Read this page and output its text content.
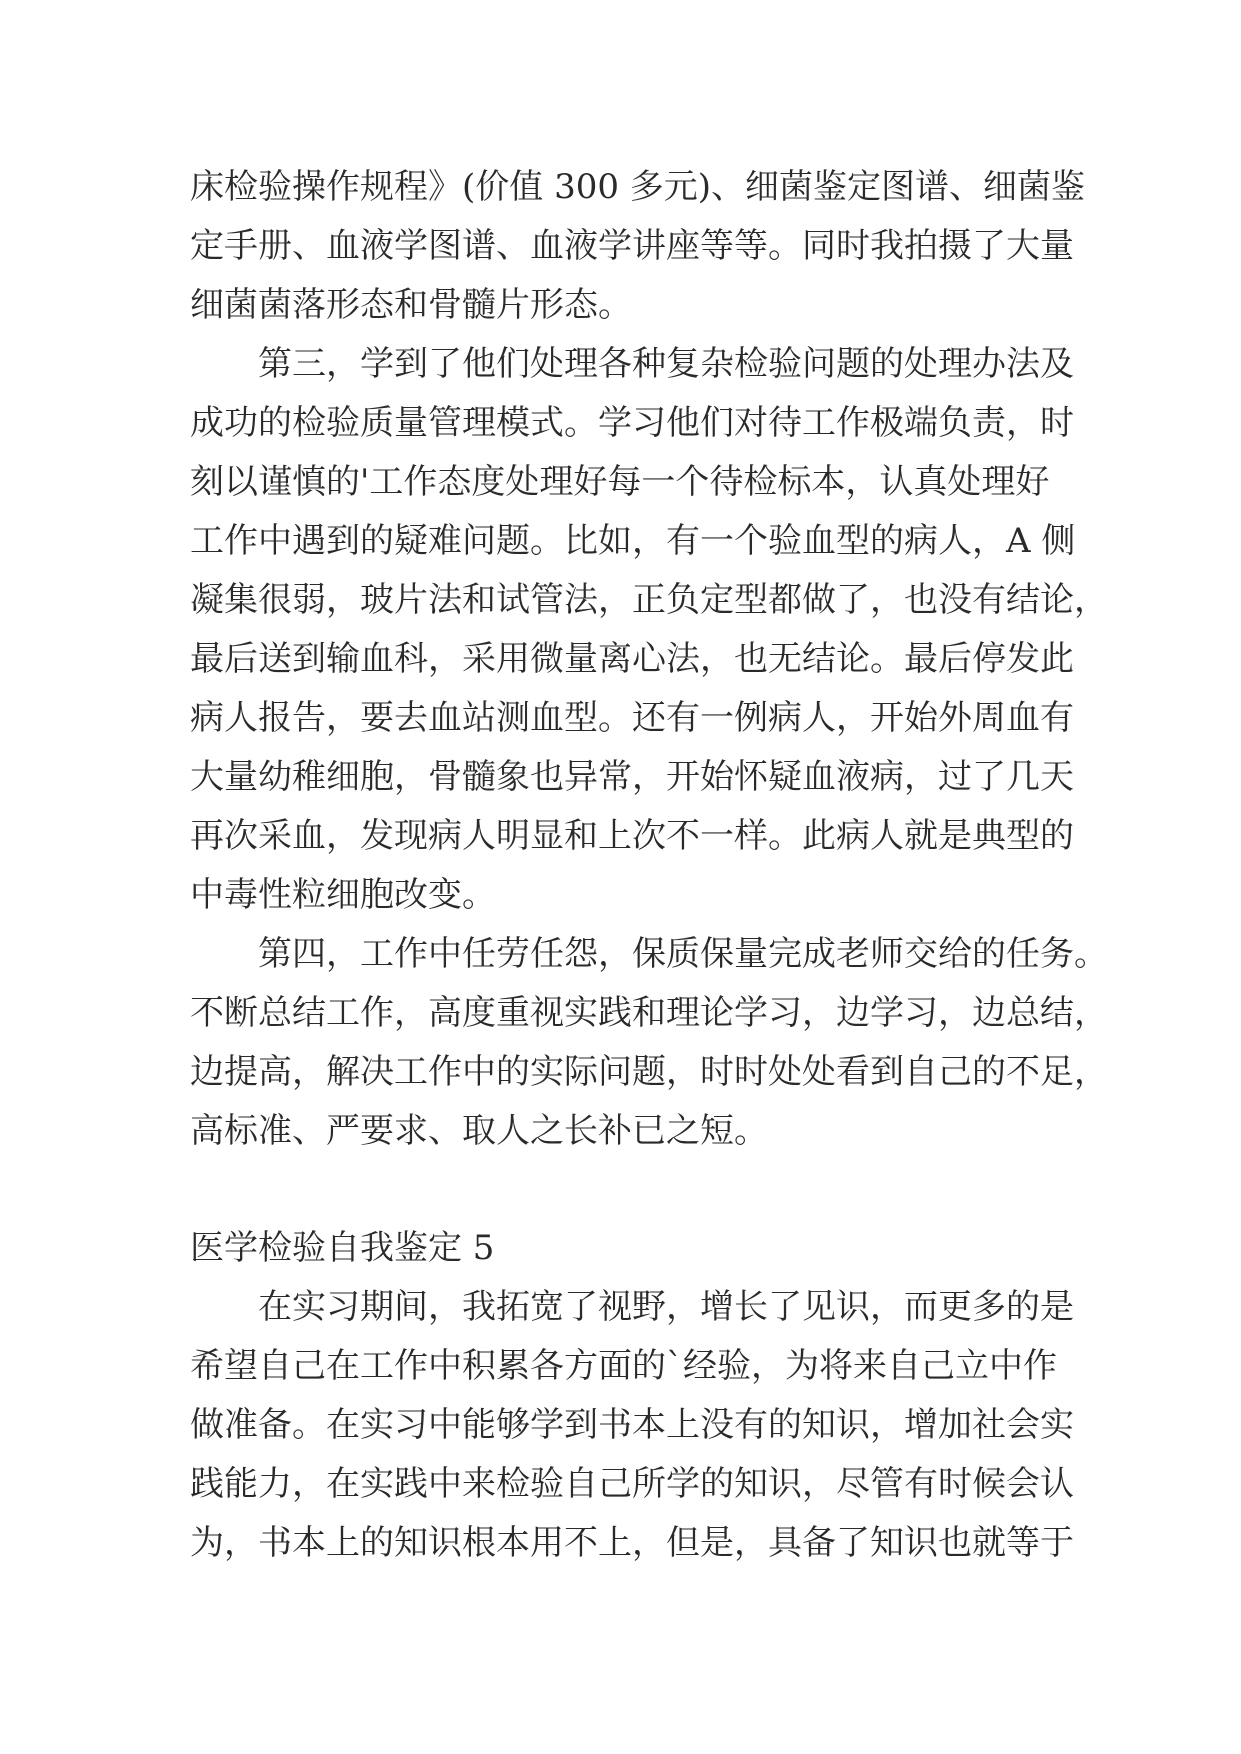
床检验操作规程》(价值 300 多元)、细菌鉴定图谱、细菌鉴
定手册、血液学图谱、血液学讲座等等。同时我拍摄了大量
细菌菌落形态和骨髓片形态。

第三，学到了他们处理各种复杂检验问题的处理办法及
成功的检验质量管理模式。学习他们对待工作极端负责，时
刻以谨慎的'工作态度处理好每一个待检标本，认真处理好
工作中遇到的疑难问题。比如，有一个验血型的病人，A 侧
凝集很弱，玻片法和试管法，正负定型都做了，也没有结论，
最后送到输血科，采用微量离心法，也无结论。最后停发此
病人报告，要去血站测血型。还有一例病人，开始外周血有
大量幼稚细胞，骨髓象也异常，开始怀疑血液病，过了几天
再次采血，发现病人明显和上次不一样。此病人就是典型的
中毒性粒细胞改变。

第四，工作中任劳任怨，保质保量完成老师交给的任务。
不断总结工作，高度重视实践和理论学习，边学习，边总结，
边提高，解决工作中的实际问题，时时处处看到自己的不足，
高标准、严要求、取人之长补已之短。

医学检验自我鉴定 5

在实习期间，我拓宽了视野，增长了见识，而更多的是
希望自己在工作中积累各方面的`经验，为将来自己立中作
做准备。在实习中能够学到书本上没有的知识，增加社会实
践能力，在实践中来检验自己所学的知识，尽管有时候会认
为，书本上的知识根本用不上，但是，具备了知识也就等于
